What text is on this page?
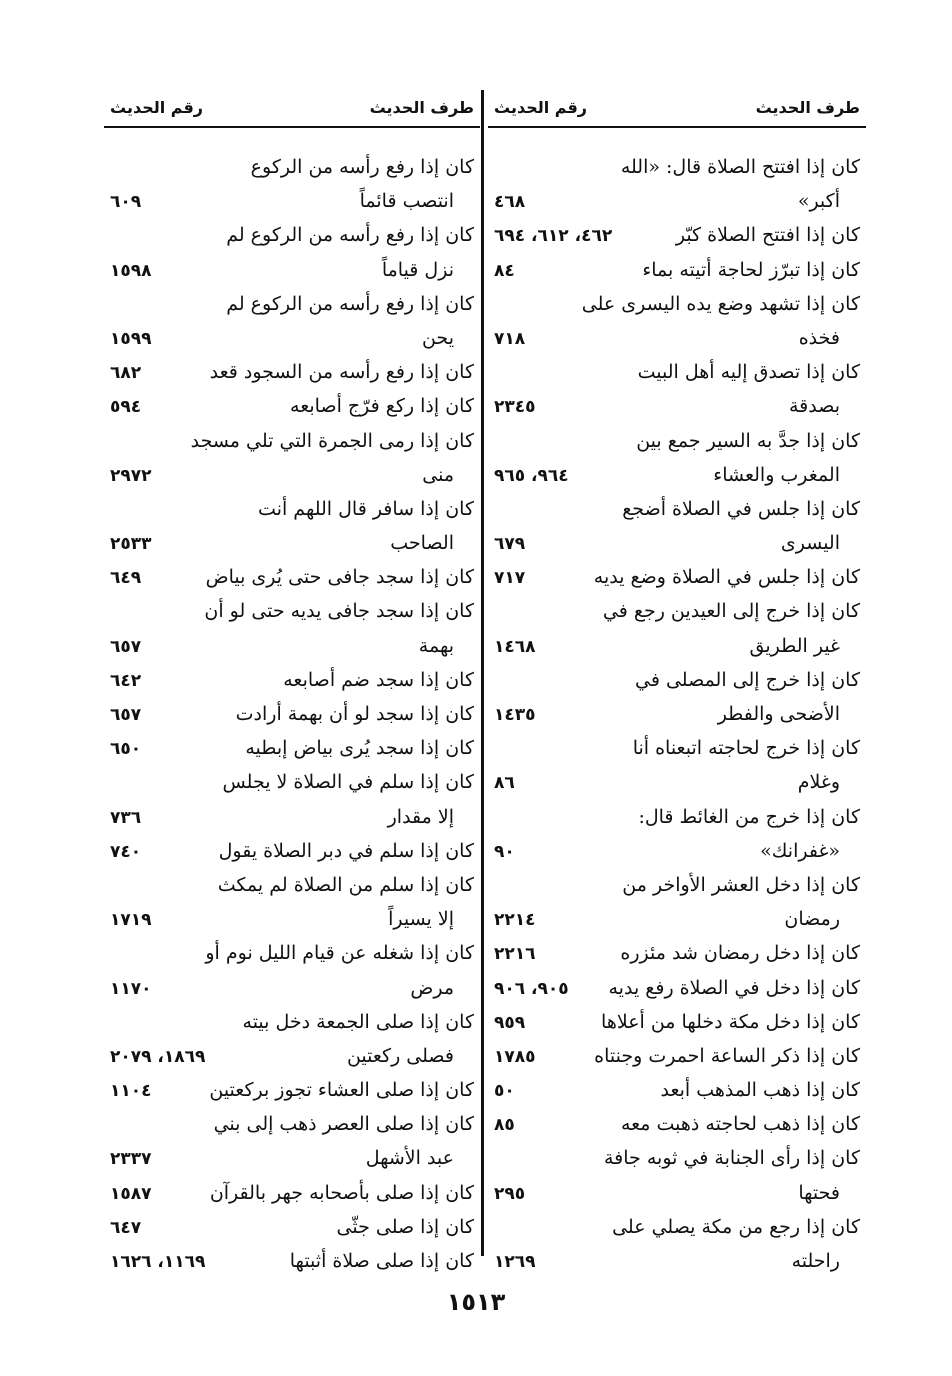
طرف الحديث
رقم الحديث
كان إذا افتتح الصلاة قال: «الله
أكبر»
٤٦٨
كان إذا افتتح الصلاة كبّر
٤٦٢، ٦١٢، ٦٩٤
كان إذا تبرّز لحاجة أتيته بماء
٨٤
كان إذا تشهد وضع يده اليسرى على
فخذه
٧١٨
كان إذا تصدق إليه أهل البيت
بصدقة
٢٣٤٥
كان إذا جدَّ به السير جمع بين
المغرب والعشاء
٩٦٤، ٩٦٥
كان إذا جلس في الصلاة أضجع
اليسرى
٦٧٩
كان إذا جلس في الصلاة وضع يديه
٧١٧
كان إذا خرج إلى العيدين رجع في
غير الطريق
١٤٦٨
كان إذا خرج إلى المصلى في
الأضحى والفطر
١٤٣٥
كان إذا خرج لحاجته اتبعناه أنا
وغلام
٨٦
كان إذا خرج من الغائط قال:
«غفرانك»
٩٠
كان إذا دخل العشر الأواخر من
رمضان
٢٢١٤
كان إذا دخل رمضان شد مئزره
٢٢١٦
كان إذا دخل في الصلاة رفع يديه
٩٠٥، ٩٠٦
كان إذا دخل مكة دخلها من أعلاها
٩٥٩
كان إذا ذكر الساعة احمرت وجنتاه
١٧٨٥
كان إذا ذهب المذهب أبعد
٥٠
كان إذا ذهب لحاجته ذهبت معه
٨٥
كان إذا رأى الجنابة في ثوبه جافة
فحتها
٢٩٥
كان إذا رجع من مكة يصلي على
راحلته
١٢٦٩
طرف الحديث
رقم الحديث
كان إذا رفع رأسه من الركوع
انتصب قائماً
٦٠٩
كان إذا رفع رأسه من الركوع لم
نزل قياماً
١٥٩٨
كان إذا رفع رأسه من الركوع لم
يحن
١٥٩٩
كان إذا رفع رأسه من السجود قعد
٦٨٢
كان إذا ركع فرّج أصابعه
٥٩٤
كان إذا رمى الجمرة التي تلي مسجد
منى
٢٩٧٢
كان إذا سافر قال اللهم أنت
الصاحب
٢٥٣٣
كان إذا سجد جافى حتى يُرى بياض
٦٤٩
كان إذا سجد جافى يديه حتى لو أن
بهمة
٦٥٧
كان إذا سجد ضم أصابعه
٦٤٢
كان إذا سجد لو أن بهمة أرادت
٦٥٧
كان إذا سجد يُرى بياض إبطيه
٦٥٠
كان إذا سلم في الصلاة لا يجلس
إلا مقدار
٧٣٦
كان إذا سلم في دبر الصلاة يقول
٧٤٠
كان إذا سلم من الصلاة لم يمكث
إلا يسيراً
١٧١٩
كان إذا شغله عن قيام الليل نوم أو
مرض
١١٧٠
كان إذا صلى الجمعة دخل بيته
فصلى ركعتين
١٨٦٩، ٢٠٧٩
كان إذا صلى العشاء تجوز بركعتين
١١٠٤
كان إذا صلى العصر ذهب إلى بني
عبد الأشهل
٢٣٣٧
كان إذا صلى بأصحابه جهر بالقرآن
١٥٨٧
كان إذا صلى جثّى
٦٤٧
كان إذا صلى صلاة أثبتها
١١٦٩، ١٦٢٦
١٥١٣
